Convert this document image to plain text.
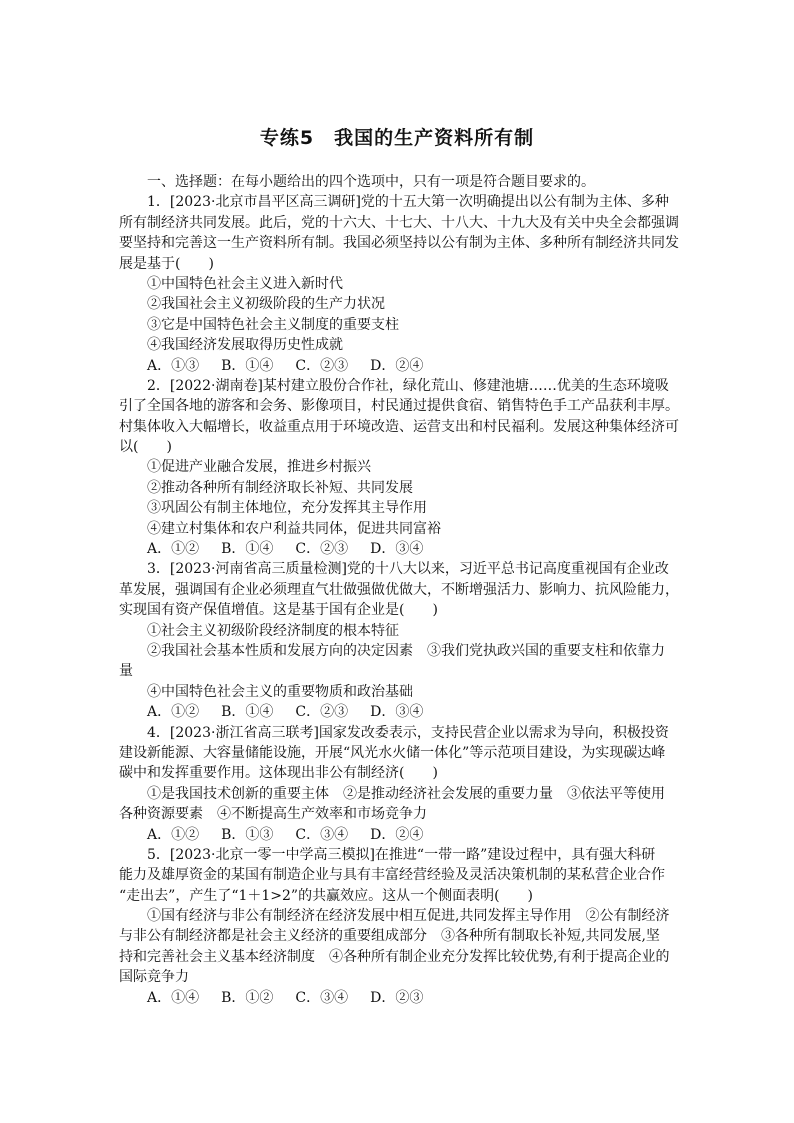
专练5　我国的生产资料所有制
一、选择题：在每小题给出的四个选项中，只有一项是符合题目要求的。
1．[2023·北京市昌平区高三调研]党的十五大第一次明确提出以公有制为主体、多种
所有制经济共同发展。此后，党的十六大、十七大、十八大、十九大及有关中央全会都强调
要坚持和完善这一生产资料所有制。我国必须坚持以公有制为主体、多种所有制经济共同发
展是基于(　　)
①中国特色社会主义进入新时代
②我国社会主义初级阶段的生产力状况
③它是中国特色社会主义制度的重要支柱
④我国经济发展取得历史性成就
A．①③ B．①④ C．②③ D．②④
2．[2022·湖南卷]某村建立股份合作社，绿化荒山、修建池塘……优美的生态环境吸
引了全国各地的游客和会务、影像项目，村民通过提供食宿、销售特色手工产品获利丰厚。
村集体收入大幅增长，收益重点用于环境改造、运营支出和村民福利。发展这种集体经济可
以(　　)
①促进产业融合发展，推进乡村振兴
②推动各种所有制经济取长补短、共同发展
③巩固公有制主体地位，充分发挥其主导作用
④建立村集体和农户利益共同体，促进共同富裕
A．①② B．①④ C．②③ D．③④
3．[2023·河南省高三质量检测]党的十八大以来，习近平总书记高度重视国有企业改
革发展，强调国有企业必须理直气壮做强做优做大，不断增强活力、影响力、抗风险能力，
实现国有资产保值增值。这是基于国有企业是(　　)
①社会主义初级阶段经济制度的根本特征
②我国社会基本性质和发展方向的决定因素　③我们党执政兴国的重要支柱和依靠力
量
④中国特色社会主义的重要物质和政治基础
A．①② B．①④ C．②③ D．③④
4．[2023·浙江省高三联考]国家发改委表示，支持民营企业以需求为导向，积极投资
建设新能源、大容量储能设施，开展“风光水火储一体化”等示范项目建设，为实现碳达峰
碳中和发挥重要作用。这体现出非公有制经济(　　)
①是我国技术创新的重要主体　②是推动经济社会发展的重要力量　③依法平等使用
各种资源要素　④不断提高生产效率和市场竞争力
A．①② B．①③ C．③④ D．②④
5．[2023·北京一零一中学高三模拟]在推进“一带一路”建设过程中，具有强大科研
能力及雄厚资金的某国有制造企业与具有丰富经营经验及灵活决策机制的某私营企业合作
“走出去”，产生了“1＋1>2”的共赢效应。这从一个侧面表明(　　)
①国有经济与非公有制经济在经济发展中相互促进,共同发挥主导作用　②公有制经济
与非公有制经济都是社会主义经济的重要组成部分　③各种所有制取长补短,共同发展,坚
持和完善社会主义基本经济制度　④各种所有制企业充分发挥比较优势,有利于提高企业的
国际竞争力
A．①④ B．①② C．③④ D．②③
